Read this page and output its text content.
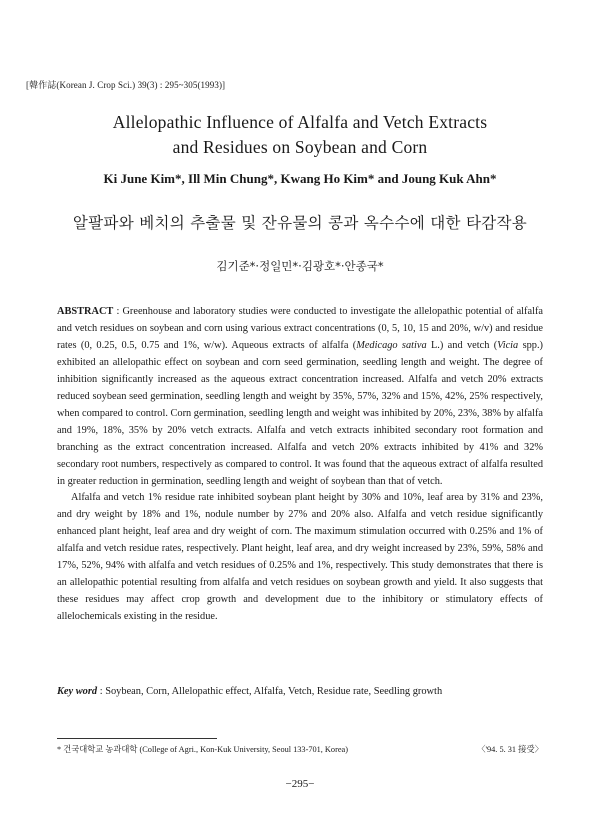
[韓作誌(Korean J. Crop Sci.) 39(3) : 295~305(1993)]
Allelopathic Influence of Alfalfa and Vetch Extracts
and Residues on Soybean and Corn
Ki June Kim*, Ill Min Chung*, Kwang Ho Kim* and Joung Kuk Ahn*
알팔파와 베치의 추출물 및 잔유물의 콩과 옥수수에 대한 타감작용
김기준*·정일민*·김광호*·안종국*

ABSTRACT : Greenhouse and laboratory studies were conducted to investigate the allelopathic potential of alfalfa and vetch residues on soybean and corn using various extract concentrations (0, 5, 10, 15 and 20%, w/v) and residue rates (0, 0.25, 0.5, 0.75 and 1%, w/w). Aqueous extracts of alfalfa (Medicago sativa L.) and vetch (Vicia spp.) exhibited an allelopathic effect on soybean and corn seed germination, seedling length and weight. The degree of inhibition significantly increased as the aqueous extract concentration increased. Alfalfa and vetch 20% extracts reduced soybean seed germination, seedling length and weight by 35%, 57%, 32% and 15%, 42%, 25% respectively, when compared to control. Corn germination, seedling length and weight was inhibited by 20%, 23%, 38% by alfalfa and 19%, 18%, 35% by 20% vetch extracts. Alfalfa and vetch extracts inhibited secondary root formation and branching as the extract concentration increased. Alfalfa and vetch 20% extracts inhibited by 41% and 32% secondary root numbers, respectively as compared to control. It was found that the aqueous extract of alfalfa resulted in greater reduction in germination, seedling length and weight of soybean than that of vetch.

Alfalfa and vetch 1% residue rate inhibited soybean plant height by 30% and 10%, leaf area by 31% and 23%, and dry weight by 18% and 1%, nodule number by 27% and 20% also. Alfalfa and vetch residue significantly enhanced plant height, leaf area and dry weight of corn. The maximum stimulation occurred with 0.25% and 1% of alfalfa and vetch residue rates, respectively. Plant height, leaf area, and dry weight increased by 23%, 59%, 58% and 17%, 52%, 94% with alfalfa and vetch residues of 0.25% and 1%, respectively. This study demonstrates that there is an allelopathic potential resulting from alfalfa and vetch residues on soybean growth and yield. It also suggests that these residues may affect crop growth and development due to the inhibitory or stimulatory effects of allelochemicals existing in the residue.

Key word : Soybean, Corn, Allelopathic effect, Alfalfa, Vetch, Residue rate, Seedling growth
* 건국대학교 농과대학 (College of Agri., Kon-Kuk University, Seoul 133-701, Korea)	〈'94. 5. 31 接受〉
−295−
